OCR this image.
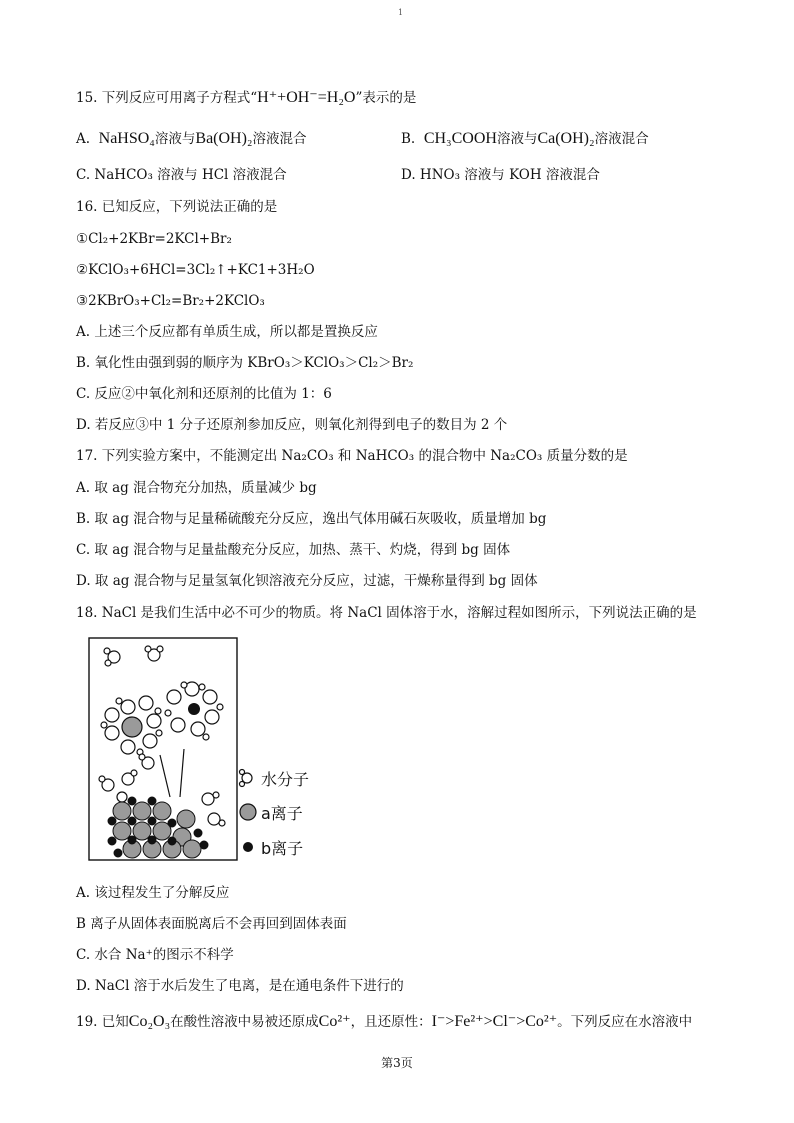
1
15. 下列反应可用离子方程式“H⁺+OH⁻=H₂O”表示的是
A. NaHSO₄溶液与Ba(OH)₂溶液混合	B. CH₃COOH溶液与Ca(OH)₂溶液混合
C. NaHCO₃ 溶液与 HCl 溶液混合	D. HNO₃ 溶液与 KOH 溶液混合
16. 已知反应，下列说法正确的是
①Cl₂+2KBr=2KCl+Br₂
②KClO₃+6HCl=3Cl₂↑+KC1+3H₂O
③2KBrO₃+Cl₂=Br₂+2KClO₃
A. 上述三个反应都有单质生成，所以都是置换反应
B. 氧化性由强到弱的顺序为 KBrO₃＞KClO₃＞Cl₂＞Br₂
C. 反应②中氧化剂和还原剂的比值为 1：6
D. 若反应③中 1 分子还原剂参加反应，则氧化剂得到电子的数目为 2 个
17. 下列实验方案中，不能测定出 Na₂CO₃ 和 NaHCO₃ 的混合物中 Na₂CO₃ 质量分数的是
A. 取 ag 混合物充分加热，质量减少 bg
B. 取 ag 混合物与足量稀硫酸充分反应，逸出气体用碱石灰吸收，质量增加 bg
C. 取 ag 混合物与足量盐酸充分反应，加热、蒸干、灼烧，得到 bg 固体
D. 取 ag 混合物与足量氢氧化钡溶液充分反应，过滤，干燥称量得到 bg 固体
18. NaCl 是我们生活中必不可少的物质。将 NaCl 固体溶于水，溶解过程如图所示，下列说法正确的是
水分子
a离子
b离子
A. 该过程发生了分解反应
B 离子从固体表面脱离后不会再回到固体表面
C. 水合 Na⁺的图示不科学
D. NaCl 溶于水后发生了电离，是在通电条件下进行的
19. 已知Co₂O₃在酸性溶液中易被还原成Co²⁺，且还原性：I⁻>Fe²⁺>Cl⁻>Co²⁺。下列反应在水溶液中
第3页
